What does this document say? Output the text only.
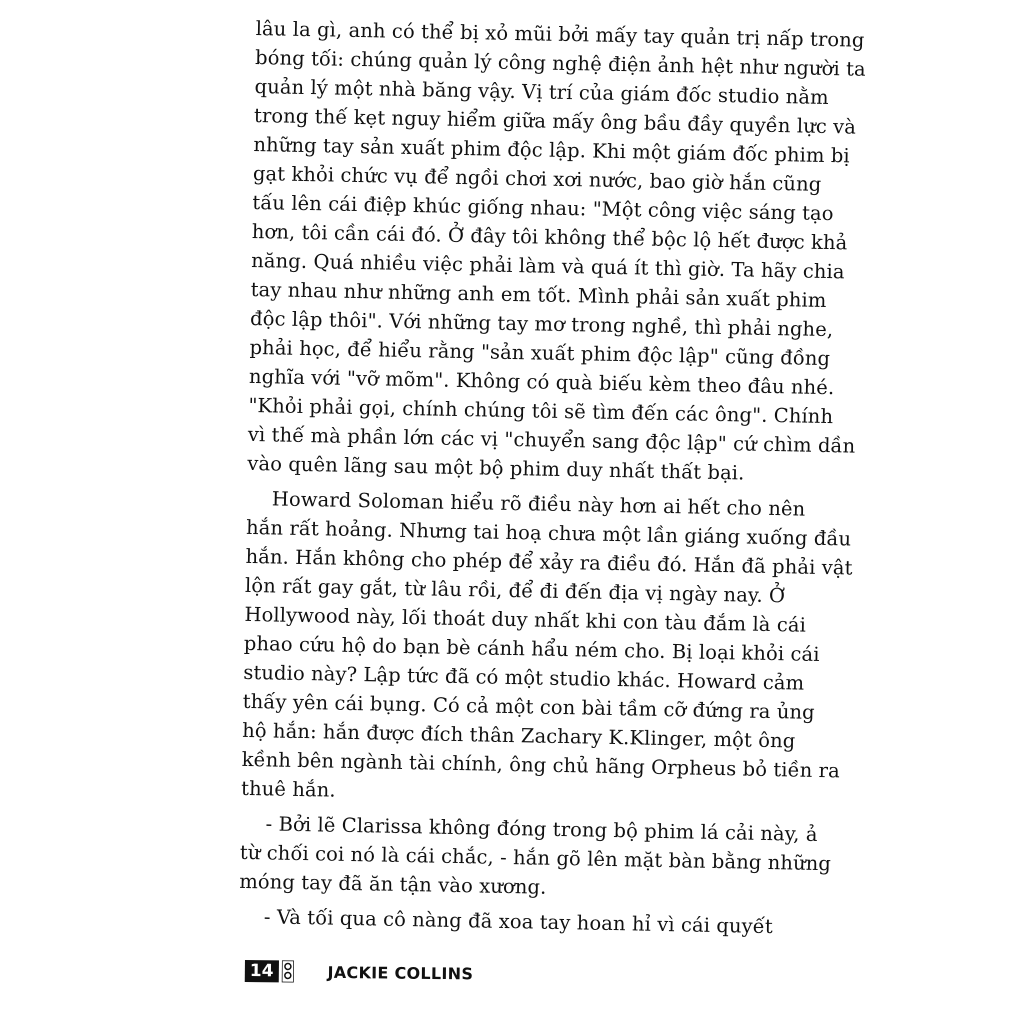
lâu la gì, anh có thể bị xỏ mũi bởi mấy tay quản trị nấp trong
bóng tối: chúng quản lý công nghệ điện ảnh hệt như người ta
quản lý một nhà băng vậy. Vị trí của giám đốc studio nằm
trong thế kẹt nguy hiểm giữa mấy ông bầu đầy quyền lực và
những tay sản xuất phim độc lập. Khi một giám đốc phim bị
gạt khỏi chức vụ để ngồi chơi xơi nước, bao giờ hắn cũng
tấu lên cái điệp khúc giống nhau: "Một công việc sáng tạo
hơn, tôi cần cái đó. Ở đây tôi không thể bộc lộ hết được khả
năng. Quá nhiều việc phải làm và quá ít thì giờ. Ta hãy chia
tay nhau như những anh em tốt. Mình phải sản xuất phim
độc lập thôi". Với những tay mơ trong nghề, thì phải nghe,
phải học, để hiểu rằng "sản xuất phim độc lập" cũng đồng
nghĩa với "vỡ mõm". Không có quà biếu kèm theo đâu nhé.
"Khỏi phải gọi, chính chúng tôi sẽ tìm đến các ông". Chính
vì thế mà phần lớn các vị "chuyển sang độc lập" cứ chìm dần
vào quên lãng sau một bộ phim duy nhất thất bại.

Howard Soloman hiểu rõ điều này hơn ai hết cho nên
hắn rất hoảng. Nhưng tai hoạ chưa một lần giáng xuống đầu
hắn. Hắn không cho phép để xảy ra điều đó. Hắn đã phải vật
lộn rất gay gắt, từ lâu rồi, để đi đến địa vị ngày nay. Ở
Hollywood này, lối thoát duy nhất khi con tàu đắm là cái
phao cứu hộ do bạn bè cánh hẩu ném cho. Bị loại khỏi cái
studio này? Lập tức đã có một studio khác. Howard cảm
thấy yên cái bụng. Có cả một con bài tầm cỡ đứng ra ủng
hộ hắn: hắn được đích thân Zachary K.Klinger, một ông
kềnh bên ngành tài chính, ông chủ hãng Orpheus bỏ tiền ra
thuê hắn.

- Bởi lẽ Clarissa không đóng trong bộ phim lá cải này, ả
từ chối coi nó là cái chắc, - hắn gõ lên mặt bàn bằng những
móng tay đã ăn tận vào xương.

- Và tối qua cô nàng đã xoa tay hoan hỉ vì cái quyết

14	JACKIE COLLINS
